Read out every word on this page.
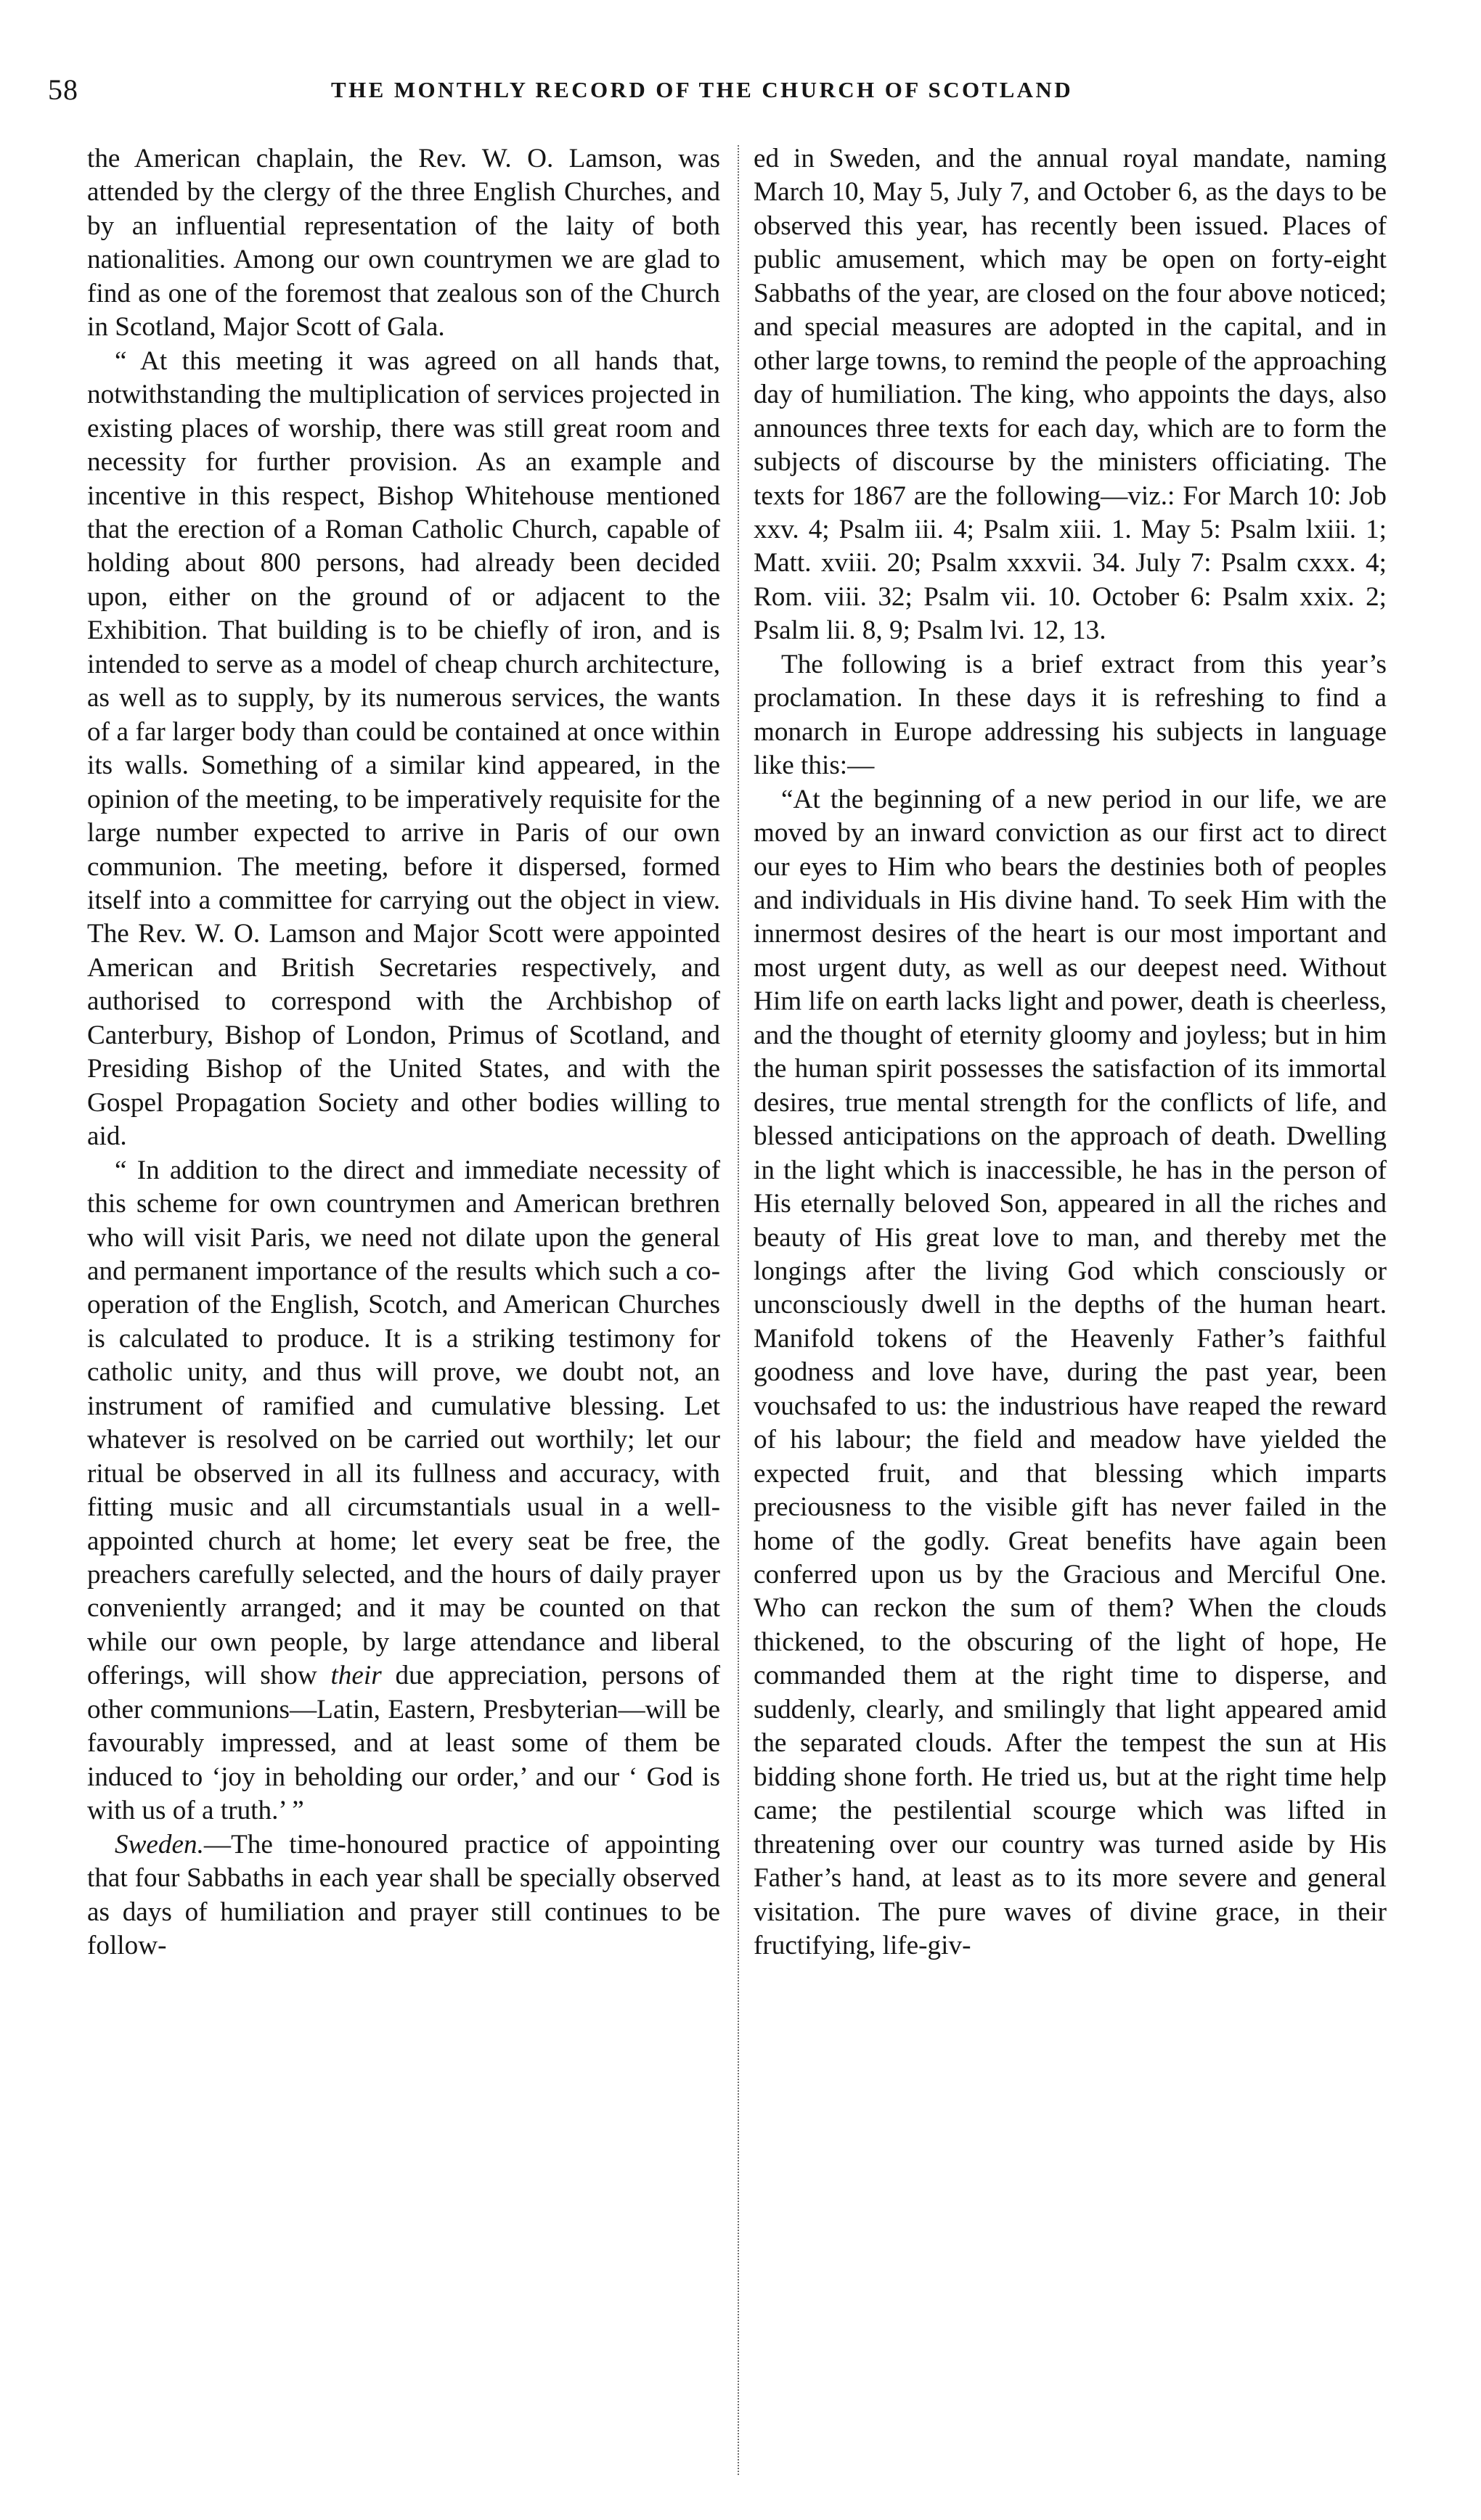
58	THE MONTHLY RECORD OF THE CHURCH OF SCOTLAND

the American chaplain, the Rev. W. O. Lamson, was attended by the clergy of the three English Churches, and by an influential representation of the laity of both nationalities. Among our own countrymen we are glad to find as one of the foremost that zealous son of the Church in Scotland, Major Scott of Gala.

“ At this meeting it was agreed on all hands that, notwithstanding the multiplication of services projected in existing places of worship, there was still great room and necessity for further provision. As an example and incentive in this respect, Bishop Whitehouse mentioned that the erection of a Roman Catholic Church, capable of holding about 800 persons, had already been decided upon, either on the ground of or adjacent to the Exhibition. That building is to be chiefly of iron, and is intended to serve as a model of cheap church architecture, as well as to supply, by its numerous services, the wants of a far larger body than could be contained at once within its walls. Something of a similar kind appeared, in the opinion of the meeting, to be imperatively requisite for the large number expected to arrive in Paris of our own communion. The meeting, before it dispersed, formed itself into a committee for carrying out the object in view. The Rev. W. O. Lamson and Major Scott were appointed American and British Secretaries respectively, and authorised to correspond with the Archbishop of Canterbury, Bishop of London, Primus of Scotland, and Presiding Bishop of the United States, and with the Gospel Propagation Society and other bodies willing to aid.

“ In addition to the direct and immediate necessity of this scheme for own countrymen and American brethren who will visit Paris, we need not dilate upon the general and permanent importance of the results which such a co-operation of the English, Scotch, and American Churches is calculated to produce. It is a striking testimony for catholic unity, and thus will prove, we doubt not, an instrument of ramified and cumulative blessing. Let whatever is resolved on be carried out worthily; let our ritual be observed in all its fullness and accuracy, with fitting music and all circumstantials usual in a well-appointed church at home; let every seat be free, the preachers carefully selected, and the hours of daily prayer conveniently arranged; and it may be counted on that while our own people, by large attendance and liberal offerings, will show their due appreciation, persons of other communions—Latin, Eastern, Presbyterian—will be favourably impressed, and at least some of them be induced to ‘joy in beholding our order,’ and our ‘ God is with us of a truth.’ ”

Sweden.—The time-honoured practice of appointing that four Sabbaths in each year shall be specially observed as days of humiliation and prayer still continues to be follow-

ed in Sweden, and the annual royal mandate, naming March 10, May 5, July 7, and October 6, as the days to be observed this year, has recently been issued. Places of public amusement, which may be open on forty-eight Sabbaths of the year, are closed on the four above noticed; and special measures are adopted in the capital, and in other large towns, to remind the people of the approaching day of humiliation. The king, who appoints the days, also announces three texts for each day, which are to form the subjects of discourse by the ministers officiating. The texts for 1867 are the following—viz.: For March 10: Job xxv. 4; Psalm iii. 4; Psalm xiii. 1. May 5: Psalm lxiii. 1; Matt. xviii. 20; Psalm xxxvii. 34. July 7: Psalm cxxx. 4; Rom. viii. 32; Psalm vii. 10. October 6: Psalm xxix. 2; Psalm lii. 8, 9; Psalm lvi. 12, 13.

The following is a brief extract from this year’s proclamation. In these days it is refreshing to find a monarch in Europe addressing his subjects in language like this:—

“At the beginning of a new period in our life, we are moved by an inward conviction as our first act to direct our eyes to Him who bears the destinies both of peoples and individuals in His divine hand. To seek Him with the innermost desires of the heart is our most important and most urgent duty, as well as our deepest need. Without Him life on earth lacks light and power, death is cheerless, and the thought of eternity gloomy and joyless; but in him the human spirit possesses the satisfaction of its immortal desires, true mental strength for the conflicts of life, and blessed anticipations on the approach of death. Dwelling in the light which is inaccessible, he has in the person of His eternally beloved Son, appeared in all the riches and beauty of His great love to man, and thereby met the longings after the living God which consciously or unconsciously dwell in the depths of the human heart. Manifold tokens of the Heavenly Father’s faithful goodness and love have, during the past year, been vouchsafed to us: the industrious have reaped the reward of his labour; the field and meadow have yielded the expected fruit, and that blessing which imparts preciousness to the visible gift has never failed in the home of the godly. Great benefits have again been conferred upon us by the Gracious and Merciful One. Who can reckon the sum of them? When the clouds thickened, to the obscuring of the light of hope, He commanded them at the right time to disperse, and suddenly, clearly, and smilingly that light appeared amid the separated clouds. After the tempest the sun at His bidding shone forth. He tried us, but at the right time help came; the pestilential scourge which was lifted in threatening over our country was turned aside by His Father’s hand, at least as to its more severe and general visitation. The pure waves of divine grace, in their fructifying, life-giv-
